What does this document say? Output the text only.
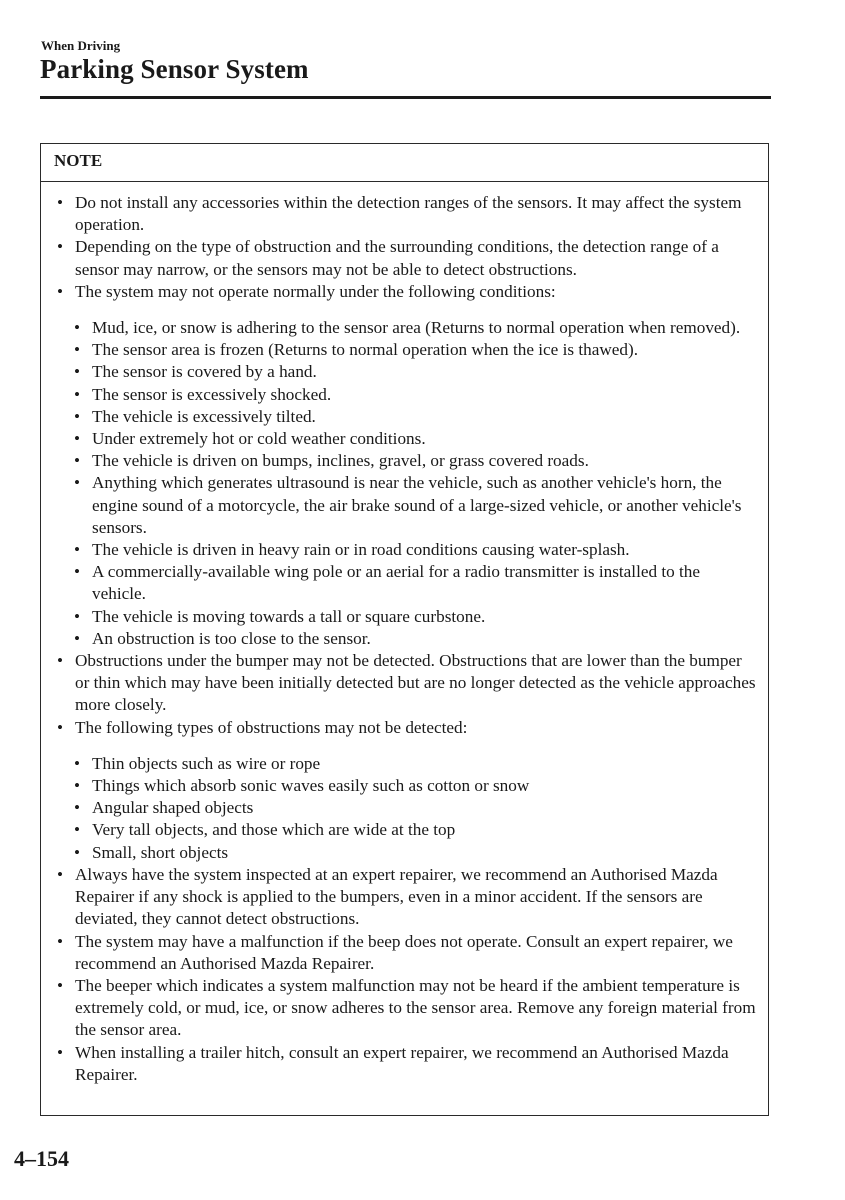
When Driving
Parking Sensor System
NOTE
• Do not install any accessories within the detection ranges of the sensors. It may affect the system operation.
• Depending on the type of obstruction and the surrounding conditions, the detection range of a sensor may narrow, or the sensors may not be able to detect obstructions.
• The system may not operate normally under the following conditions:
• Mud, ice, or snow is adhering to the sensor area (Returns to normal operation when removed).
• The sensor area is frozen (Returns to normal operation when the ice is thawed).
• The sensor is covered by a hand.
• The sensor is excessively shocked.
• The vehicle is excessively tilted.
• Under extremely hot or cold weather conditions.
• The vehicle is driven on bumps, inclines, gravel, or grass covered roads.
• Anything which generates ultrasound is near the vehicle, such as another vehicle's horn, the engine sound of a motorcycle, the air brake sound of a large-sized vehicle, or another vehicle's sensors.
• The vehicle is driven in heavy rain or in road conditions causing water-splash.
• A commercially-available wing pole or an aerial for a radio transmitter is installed to the vehicle.
• The vehicle is moving towards a tall or square curbstone.
• An obstruction is too close to the sensor.
• Obstructions under the bumper may not be detected. Obstructions that are lower than the bumper or thin which may have been initially detected but are no longer detected as the vehicle approaches more closely.
• The following types of obstructions may not be detected:
• Thin objects such as wire or rope
• Things which absorb sonic waves easily such as cotton or snow
• Angular shaped objects
• Very tall objects, and those which are wide at the top
• Small, short objects
• Always have the system inspected at an expert repairer, we recommend an Authorised Mazda Repairer if any shock is applied to the bumpers, even in a minor accident. If the sensors are deviated, they cannot detect obstructions.
• The system may have a malfunction if the beep does not operate. Consult an expert repairer, we recommend an Authorised Mazda Repairer.
• The beeper which indicates a system malfunction may not be heard if the ambient temperature is extremely cold, or mud, ice, or snow adheres to the sensor area. Remove any foreign material from the sensor area.
• When installing a trailer hitch, consult an expert repairer, we recommend an Authorised Mazda Repairer.
4–154
